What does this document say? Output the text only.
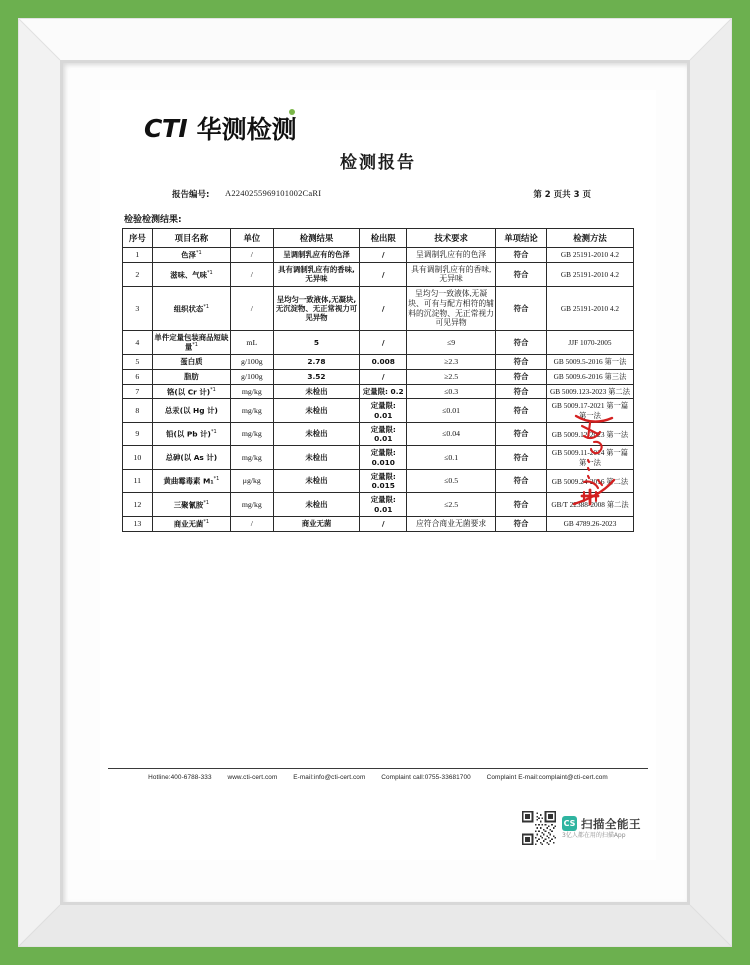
CTI 华测检测
检测报告
报告编号: A2240255969101002CaRI	第 2 页共 3 页
检验检测结果:
序号	项目名称	单位	检测结果	检出限	技术要求	单项结论	检测方法
1	色泽$^{*1}$	/	呈调制乳应有的色泽	/	呈调制乳应有的色泽	符合	GB 25191-2010 4.2
2	滋味、气味$^{*1}$	/	具有调制乳应有的香味,无异味	/	具有调制乳应有的香味,无异味	符合	GB 25191-2010 4.2
3	组织状态$^{*1}$	/	呈均匀一致液体,无凝块,无沉淀物、无正常视力可见异物	/	呈均匀一致液体,无凝块、可有与配方相符的辅料的沉淀物、无正常视力可见异物	符合	GB 25191-2010 4.2
4	单件定量包装商品短缺量$^{*1}$	mL	5	/	≤9	符合	JJF 1070-2005
5	蛋白质	g/100g	2.78	0.008	≥2.3	符合	GB 5009.5-2016 第一法
6	脂肪	g/100g	3.52	/	≥2.5	符合	GB 5009.6-2016 第三法
7	铬(以 Cr 计)$^{*1}$	mg/kg	未检出	定量限: 0.2	≤0.3	符合	GB 5009.123-2023 第二法
8	总汞(以 Hg 计)	mg/kg	未检出	定量限: 0.01	≤0.01	符合	GB 5009.17-2021 第一篇 第一法
9	铅(以 Pb 计)$^{*1}$	mg/kg	未检出	定量限: 0.01	≤0.04	符合	GB 5009.12-2023 第一法
10	总砷(以 As 计)	mg/kg	未检出	定量限: 0.010	≤0.1	符合	GB 5009.11-2014 第一篇 第一法
11	黄曲霉毒素 M₁$^{*1}$	μg/kg	未检出	定量限: 0.015	≤0.5	符合	GB 5009.24-2016 第二法
12	三聚氰胺$^{*1}$	mg/kg	未检出	定量限: 0.01	≤2.5	符合	GB/T 22388-2008 第二法
13	商业无菌$^{*1}$	/	商业无菌	/	应符合商业无菌要求	符合	GB 4789.26-2023
Hotline:400-6788-333 www.cti-cert.com E-mail:info@cti-cert.com Complaint call:0755-33681700 Complaint E-mail:complaint@cti-cert.com
CS 扫描全能王
3亿人都在用的扫描App
